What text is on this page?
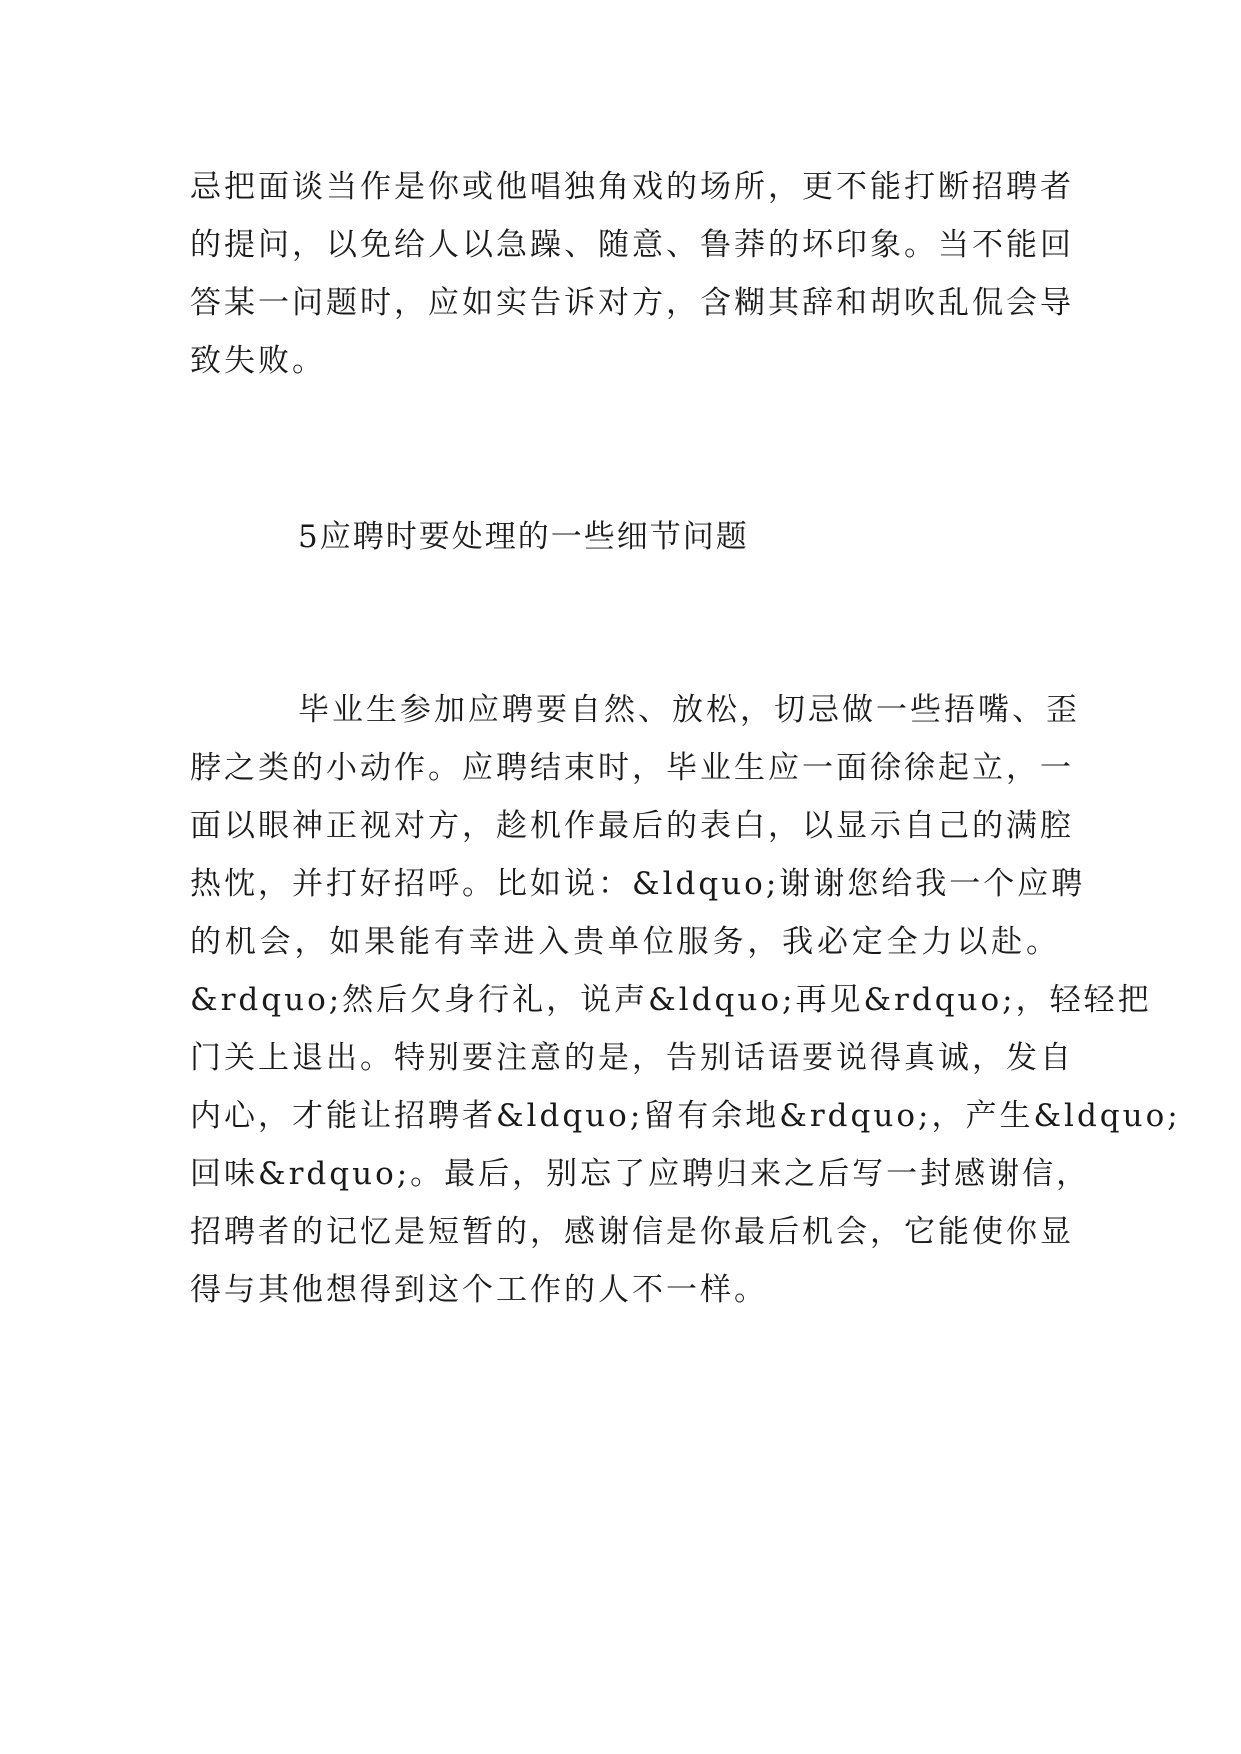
忌把面谈当作是你或他唱独角戏的场所，更不能打断招聘者
的提问，以免给人以急躁、随意、鲁莽的坏印象。当不能回
答某一问题时，应如实告诉对方，含糊其辞和胡吹乱侃会导
致失败。
5应聘时要处理的一些细节问题
毕业生参加应聘要自然、放松，切忌做一些捂嘴、歪
脖之类的小动作。应聘结束时，毕业生应一面徐徐起立，一
面以眼神正视对方，趁机作最后的表白，以显示自己的满腔
热忱，并打好招呼。比如说：&ldquo;谢谢您给我一个应聘
的机会，如果能有幸进入贵单位服务，我必定全力以赴。
&rdquo;然后欠身行礼，说声&ldquo;再见&rdquo;，轻轻把
门关上退出。特别要注意的是，告别话语要说得真诚，发自
内心，才能让招聘者&ldquo;留有余地&rdquo;，产生&ldquo;
回味&rdquo;。最后，别忘了应聘归来之后写一封感谢信，
招聘者的记忆是短暂的，感谢信是你最后机会，它能使你显
得与其他想得到这个工作的人不一样。
